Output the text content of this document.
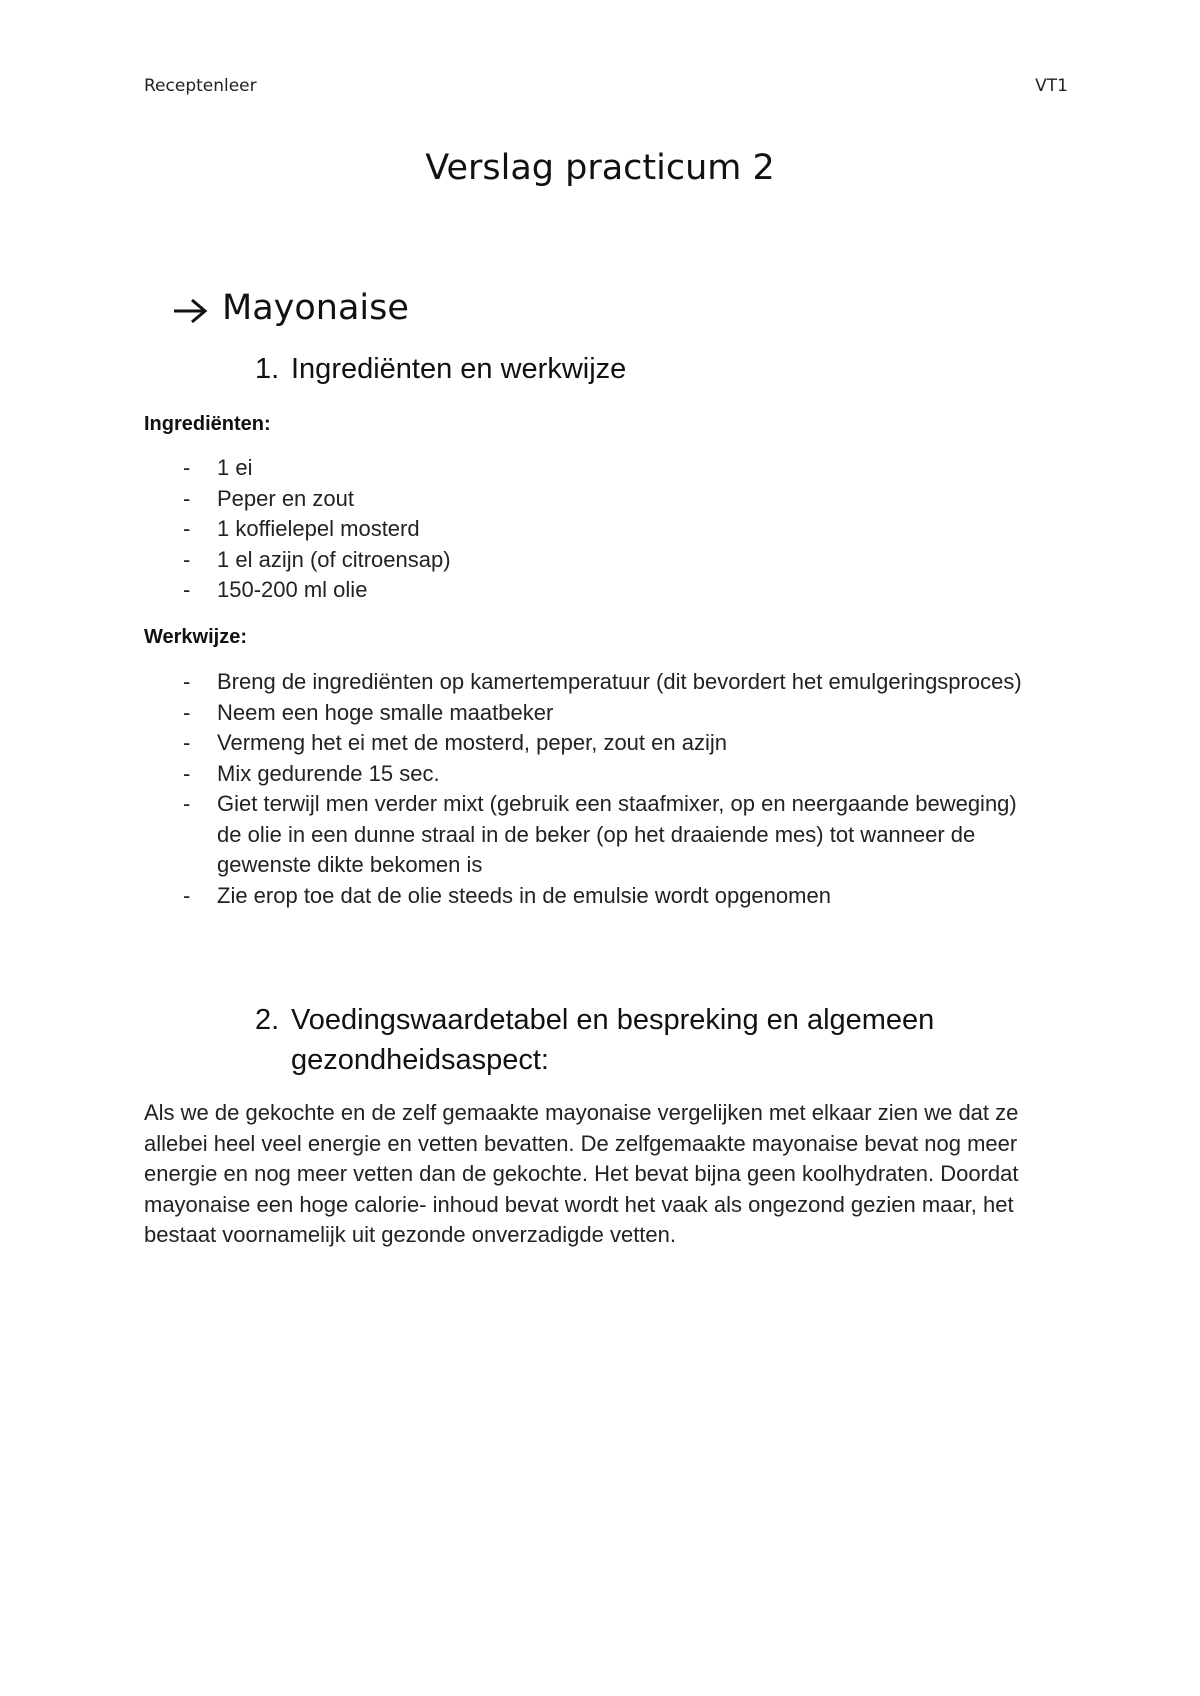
Receptenleer	VT1
Verslag practicum 2
Mayonaise
1. Ingrediënten en werkwijze
Ingrediënten:
- 1 ei
- Peper en zout
- 1 koffielepel mosterd
- 1 el azijn (of citroensap)
- 150-200 ml olie
Werkwijze:
- Breng de ingrediënten op kamertemperatuur (dit bevordert het emulgeringsproces)
- Neem een hoge smalle maatbeker
- Vermeng het ei met de mosterd, peper, zout en azijn
- Mix gedurende 15 sec.
- Giet terwijl men verder mixt (gebruik een staafmixer, op en neergaande beweging) de olie in een dunne straal in de beker (op het draaiende mes) tot wanneer de gewenste dikte bekomen is
- Zie erop toe dat de olie steeds in de emulsie wordt opgenomen
2. Voedingswaardetabel en bespreking en algemeen
gezondheidsaspect:

Als we de gekochte en de zelf gemaakte mayonaise vergelijken met elkaar zien we dat ze allebei heel veel energie en vetten bevatten. De zelfgemaakte mayonaise bevat nog meer energie en nog meer vetten dan de gekochte. Het bevat bijna geen koolhydraten. Doordat mayonaise een hoge calorie- inhoud bevat wordt het vaak als ongezond gezien maar, het bestaat voornamelijk uit gezonde onverzadigde vetten.
